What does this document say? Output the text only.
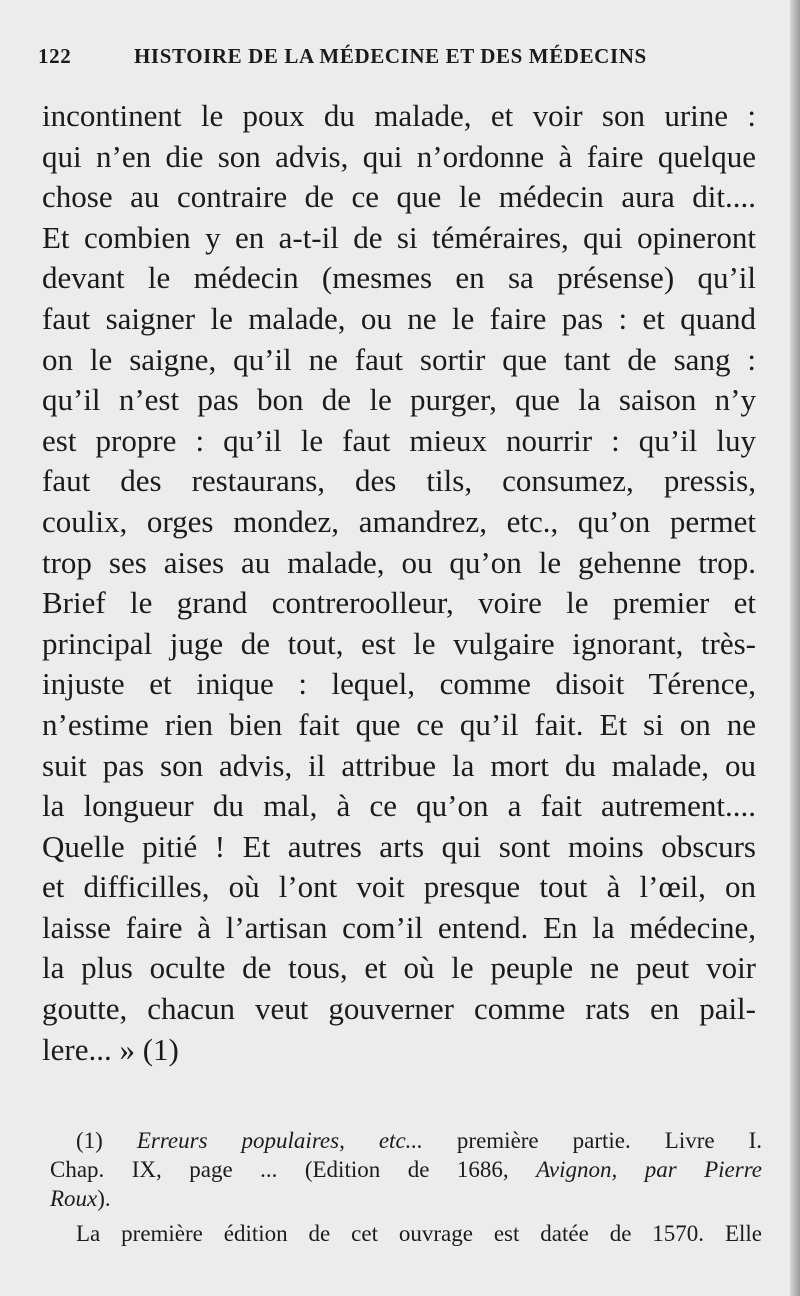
122	HISTOIRE DE LA MÉDECINE ET DES MÉDECINS
incontinent le poux du malade, et voir son urine :
qui n’en die son advis, qui n’ordonne à faire quelque
chose au contraire de ce que le médecin aura dit....
Et combien y en a-t-il de si téméraires, qui opineront
devant le médecin (mesmes en sa présense) qu’il
faut saigner le malade, ou ne le faire pas : et quand
on le saigne, qu’il ne faut sortir que tant de sang :
qu’il n’est pas bon de le purger, que la saison n’y
est propre : qu’il le faut mieux nourrir : qu’il luy
faut des restaurans, des tils, consumez, pressis,
coulix, orges mondez, amandrez, etc., qu’on permet
trop ses aises au malade, ou qu’on le gehenne trop.
Brief le grand contreroolleur, voire le premier et
principal juge de tout, est le vulgaire ignorant, très-
injuste et inique : lequel, comme disoit Térence,
n’estime rien bien fait que ce qu’il fait. Et si on ne
suit pas son advis, il attribue la mort du malade, ou
la longueur du mal, à ce qu’on a fait autrement....
Quelle pitié ! Et autres arts qui sont moins obscurs
et difficilles, où l’ont voit presque tout à l’œil, on
laisse faire à l’artisan com’il entend. En la médecine,
la plus oculte de tous, et où le peuple ne peut voir
goutte, chacun veut gouverner comme rats en pail-
lere... » (1)
(1) Erreurs populaires, etc... première partie. Livre I.
Chap. IX, page ... (Edition de 1686, Avignon, par Pierre
Roux).
La première édition de cet ouvrage est datée de 1570. Elle
